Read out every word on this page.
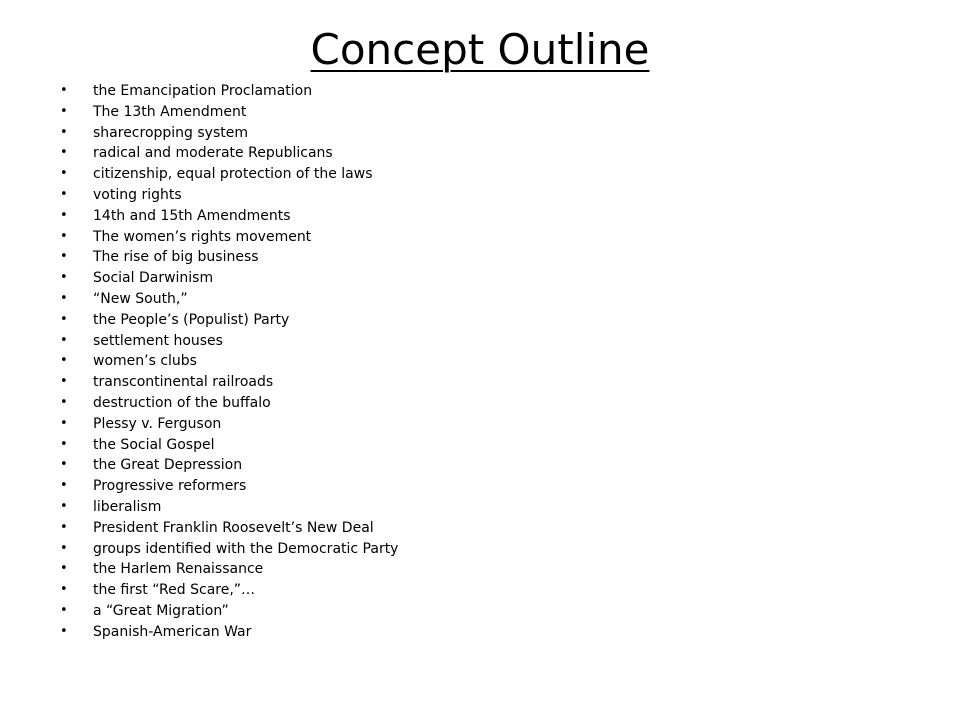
Concept Outline
• the Emancipation Proclamation
• The 13th Amendment
• sharecropping system
• radical and moderate Republicans
• citizenship, equal protection of the laws
• voting rights
• 14th and 15th Amendments
• The women’s rights movement
• The rise of big business
• Social Darwinism
• “New South,”
• the People’s (Populist) Party
• settlement houses
• women’s clubs
• transcontinental railroads
• destruction of the buffalo
• Plessy v. Ferguson
• the Social Gospel
• the Great Depression
• Progressive reformers
• liberalism
• President Franklin Roosevelt’s New Deal
• groups identified with the Democratic Party
• the Harlem Renaissance
• the first “Red Scare,”…
• a “Great Migration”
• Spanish-American War
